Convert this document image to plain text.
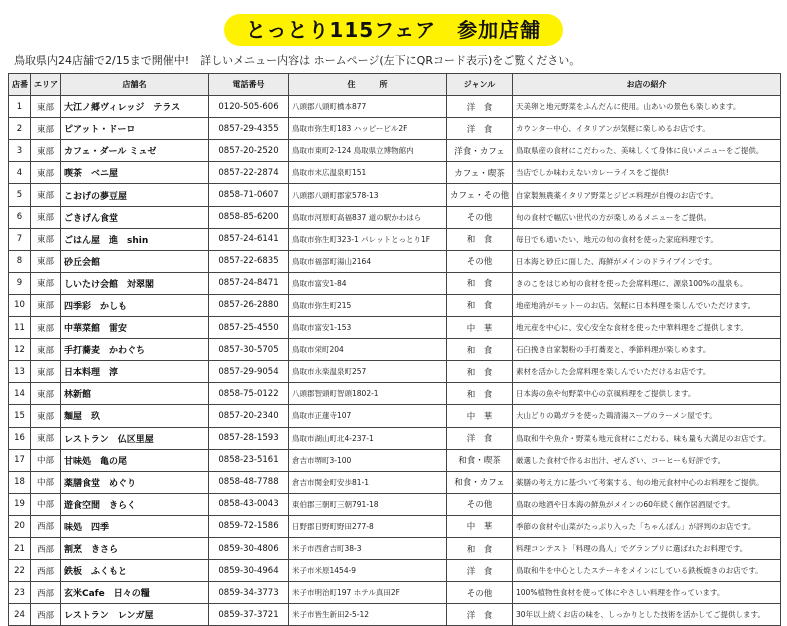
とっとり115フェア　参加店舗
鳥取県内24店舗で2/15まで開催中!　詳しいメニュー内容は ホームページ(左下にQRコード表示)をご覧ください。
店番	エリア	店舗名	電話番号	住　　　所	ジャンル	お店の紹介
1	東部	大江ノ郷ヴィレッジ　テラス	0120-505-606	八頭郡八頭町橋本877	洋　食	天美卵と地元野菜をふんだんに使用。山あいの景色も楽しめます。
2	東部	ピアット・ドーロ	0857-29-4355	鳥取市弥生町183 ハッピービル2F	洋　食	カウンター中心、イタリアンが気軽に楽しめるお店です。
3	東部	カフェ・ダール ミュゼ	0857-20-2520	鳥取市東町2-124 鳥取県立博物館内	洋食・カフェ	鳥取県産の食材にこだわった、美味しくて身体に良いメニューをご提供。
4	東部	喫茶　ベニ屋	0857-22-2874	鳥取市末広温泉町151	カフェ・喫茶	当店でしか味わえないカレーライスをご提供!
5	東部	こおげの夢豆屋	0858-71-0607	八頭郡八頭町郡家578-13	カフェ・その他	自家製無農薬イタリア野菜とジビエ料理が自慢のお店です。
6	東部	ごきげん食堂	0858-85-6200	鳥取市河原町高福837 道の駅かわはら	その他	旬の食材で幅広い世代の方が楽しめるメニューをご提供。
7	東部	ごはん屋　進　shin	0857-24-6141	鳥取市弥生町323-1 パレットとっとり1F	和　食	毎日でも通いたい、地元の旬の食材を使った家庭料理です。
8	東部	砂丘会館	0857-22-6835	鳥取市福部町湯山2164	その他	日本海と砂丘に面した、海鮮がメインのドライブインです。
9	東部	しいたけ会館　対翠閣	0857-24-8471	鳥取市富安1-84	和　食	きのこをはじめ旬の食材を使った会席料理に、源泉100%の温泉も。
10	東部	四季彩　かしも	0857-26-2880	鳥取市弥生町215	和　食	地産地消がモットーのお店。気軽に日本料理を楽しんでいただけます。
11	東部	中華菜館　雷安	0857-25-4550	鳥取市富安1-153	中　華	地元産を中心に、安心安全な食材を使った中華料理をご提供します。
12	東部	手打蕎麦　かわぐち	0857-30-5705	鳥取市栄町204	和　食	石臼挽き自家製粉の手打蕎麦と、季節料理が楽しめます。
13	東部	日本料理　淳	0857-29-9054	鳥取市永楽温泉町257	和　食	素材を活かした会席料理を楽しんでいただけるお店です。
14	東部	林新館	0858-75-0122	八頭郡智頭町智頭1802-1	和　食	日本海の魚や旬野菜中心の京風料理をご提供します。
15	東部	麺屋　玖	0857-20-2340	鳥取市正蓮寺107	中　華	大山どりの鶏ガラを使った鶏清湯スープのラーメン屋です。
16	東部	レストラン　仏区里屋	0857-28-1593	鳥取市湖山町北4-237-1	洋　食	鳥取和牛や魚介・野菜も地元食材にこだわる、味も量も大満足のお店です。
17	中部	甘味処　亀の尾	0858-23-5161	倉吉市堺町3-100	和食・喫茶	厳選した食材で作るお出汁、ぜんざい、コーヒーも好評です。
18	中部	薬膳食堂　めぐり	0858-48-7788	倉吉市関金町安歩81-1	和食・カフェ	薬膳の考え方に基づいて考案する、旬の地元食材中心のお料理をご提供。
19	中部	遊食空間　きらく	0858-43-0043	東伯郡三朝町三朝791-18	その他	鳥取の地酒や日本海の鮮魚がメインの60年続く創作居酒屋です。
20	西部	味処　四季	0859-72-1586	日野郡日野町野田277-8	中　華	季節の食材や山菜がたっぷり入った「ちゃんぽん」が評判のお店です。
21	西部	割烹　きさら	0859-30-4806	米子市西倉吉町38-3	和　食	料理コンテスト「料理の鳥人」でグランプリに選ばれたお料理です。
22	西部	鉄板　ふくもと	0859-30-4964	米子市米原1454-9	洋　食	鳥取和牛を中心としたステーキをメインにしている鉄板焼きのお店です。
23	西部	玄米Cafe　日々の糧	0859-34-3773	米子市明治町197 ホテル真田2F	その他	100%植物性食材を使って体にやさしい料理を作っています。
24	西部	レストラン　レンガ屋	0859-37-3721	米子市皆生新田2-5-12	洋　食	30年以上続くお店の味を、しっかりとした技術を活かしてご提供します。
